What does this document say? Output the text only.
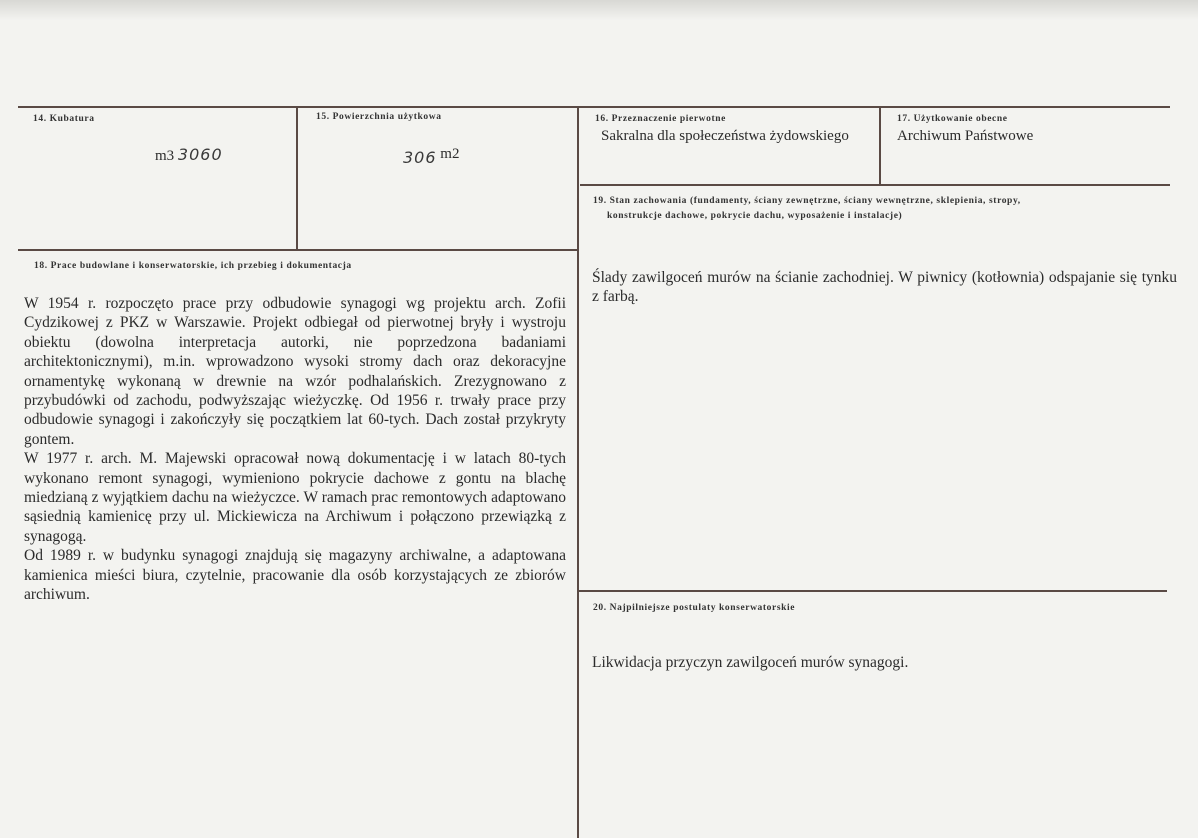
14. Kubatura
m3 3060
15. Powierzchnia użytkowa
306 m2
16. Przeznaczenie pierwotne
Sakralna dla społeczeństwa żydowskiego
17. Użytkowanie obecne
Archiwum Państwowe
19. Stan zachowania (fundamenty, ściany zewnętrzne, ściany wewnętrzne, sklepienia, stropy,
konstrukcje dachowe, pokrycie dachu, wyposażenie i instalacje)
Ślady zawilgoceń murów na ścianie zachodniej. W piwnicy (kotłownia) odspajanie się tynku z farbą.
18. Prace budowlane i konserwatorskie, ich przebieg i dokumentacja

W 1954 r. rozpoczęto prace przy odbudowie synagogi wg projektu arch. Zofii Cydzikowej z PKZ w Warszawie. Projekt odbiegał od pierwotnej bryły i wystroju obiektu (dowolna interpretacja autorki, nie poprzedzona badaniami architektonicznymi), m.in. wprowadzono wysoki stromy dach oraz dekoracyjne ornamentykę wykonaną w drewnie na wzór podhalańskich. Zrezygnowano z przybudówki od zachodu, podwyższając wieżyczkę. Od 1956 r. trwały prace przy odbudowie synagogi i zakończyły się początkiem lat 60-tych. Dach został przykryty gontem.

W 1977 r. arch. M. Majewski opracował nową dokumentację i w latach 80-tych wykonano remont synagogi, wymieniono pokrycie dachowe z gontu na blachę miedzianą z wyjątkiem dachu na wieżyczce. W ramach prac remontowych adaptowano sąsiednią kamienicę przy ul. Mickiewicza na Archiwum i połączono przewiązką z synagogą.

Od 1989 r. w budynku synagogi znajdują się magazyny archiwalne, a adaptowana kamienica mieści biura, czytelnie, pracowanie dla osób korzystających ze zbiorów archiwum.

20. Najpilniejsze postulaty konserwatorskie
Likwidacja przyczyn zawilgoceń murów synagogi.
